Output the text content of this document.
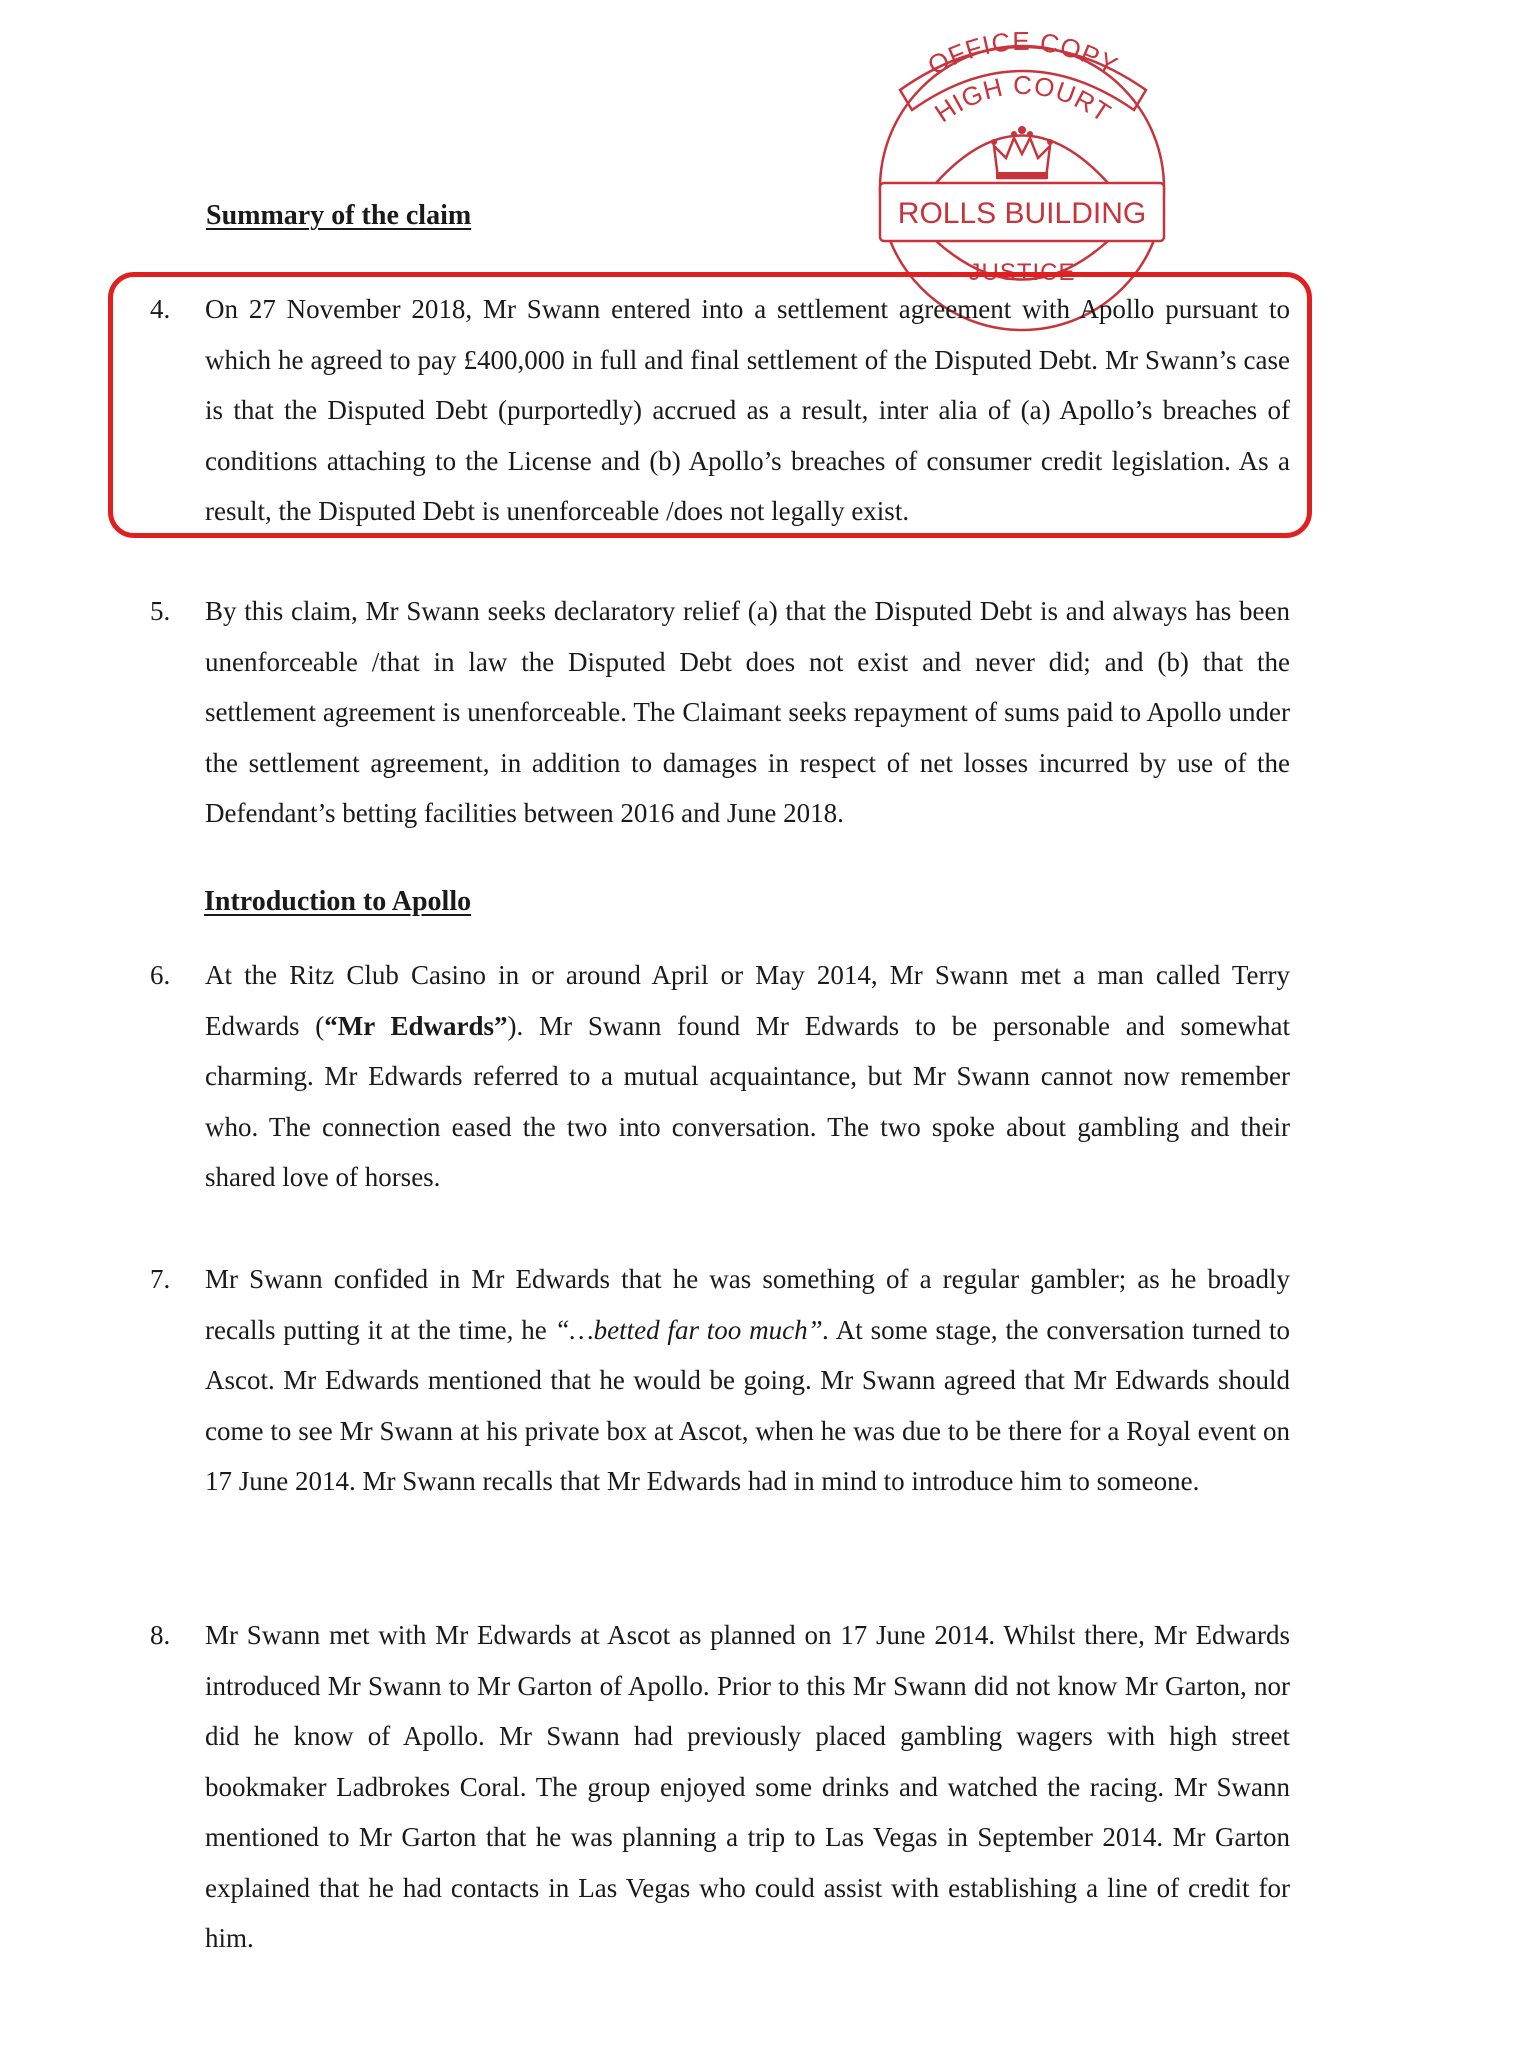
OFFICE COPY
HIGH COURT
ROLLS BUILDING
JUSTICE
Summary of the claim
4.	On 27 November 2018, Mr Swann entered into a settlement agreement with Apollo pursuant to which he agreed to pay £400,000 in full and final settlement of the Disputed Debt. Mr Swann’s case is that the Disputed Debt (purportedly) accrued as a result, inter alia of (a) Apollo’s breaches of conditions attaching to the License and (b) Apollo’s breaches of consumer credit legislation. As a result, the Disputed Debt is unenforceable /does not legally exist.
5.	By this claim, Mr Swann seeks declaratory relief (a) that the Disputed Debt is and always has been unenforceable /that in law the Disputed Debt does not exist and never did; and (b) that the settlement agreement is unenforceable. The Claimant seeks repayment of sums paid to Apollo under the settlement agreement, in addition to damages in respect of net losses incurred by use of the Defendant’s betting facilities between 2016 and June 2018.
Introduction to Apollo
6.	At the Ritz Club Casino in or around April or May 2014, Mr Swann met a man called Terry Edwards (“Mr Edwards”). Mr Swann found Mr Edwards to be personable and somewhat charming. Mr Edwards referred to a mutual acquaintance, but Mr Swann cannot now remember who. The connection eased the two into conversation. The two spoke about gambling and their shared love of horses.
7.	Mr Swann confided in Mr Edwards that he was something of a regular gambler; as he broadly recalls putting it at the time, he “…betted far too much”. At some stage, the conversation turned to Ascot. Mr Edwards mentioned that he would be going. Mr Swann agreed that Mr Edwards should come to see Mr Swann at his private box at Ascot, when he was due to be there for a Royal event on 17 June 2014. Mr Swann recalls that Mr Edwards had in mind to introduce him to someone.
8.	Mr Swann met with Mr Edwards at Ascot as planned on 17 June 2014. Whilst there, Mr Edwards introduced Mr Swann to Mr Garton of Apollo. Prior to this Mr Swann did not know Mr Garton, nor did he know of Apollo. Mr Swann had previously placed gambling wagers with high street bookmaker Ladbrokes Coral. The group enjoyed some drinks and watched the racing. Mr Swann mentioned to Mr Garton that he was planning a trip to Las Vegas in September 2014. Mr Garton explained that he had contacts in Las Vegas who could assist with establishing a line of credit for him.
